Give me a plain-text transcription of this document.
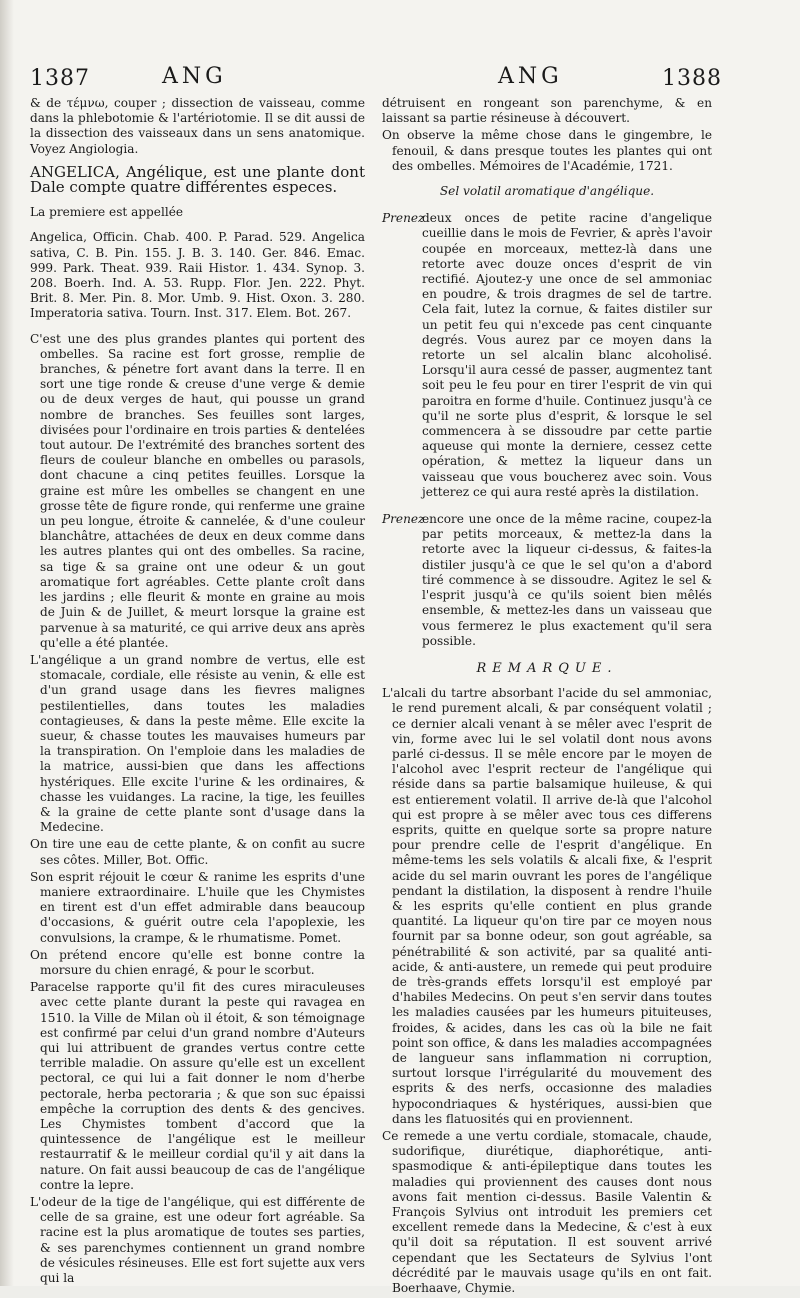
1387	ANG	ANG	1388

& de τέμνω, couper ; dissection de vaisseau, comme dans la phlebotomie & l'artériotomie. Il se dit aussi de la dissection des vaisseaux dans un sens anatomique. Voyez Angiologia.

ANGELICA, Angélique, est une plante dont Dale compte quatre différentes especes.

La premiere est appellée

Angelica, Officin. Chab. 400. P. Parad. 529. Angelica sativa, C. B. Pin. 155. J. B. 3. 140. Ger. 846. Emac. 999. Park. Theat. 939. Raii Histor. 1. 434. Synop. 3. 208. Boerh. Ind. A. 53. Rupp. Flor. Jen. 222. Phyt. Brit. 8. Mer. Pin. 8. Mor. Umb. 9. Hist. Oxon. 3. 280. Imperatoria sativa. Tourn. Inst. 317. Elem. Bot. 267.

C'est une des plus grandes plantes qui portent des ombelles. Sa racine est fort grosse, remplie de branches, & pénetre fort avant dans la terre. Il en sort une tige ronde & creuse d'une verge & demie ou de deux verges de haut, qui pousse un grand nombre de branches. Ses feuilles sont larges, divisées pour l'ordinaire en trois parties & dentelées tout autour. De l'extrémité des branches sortent des fleurs de couleur blanche en ombelles ou parasols, dont chacune a cinq petites feuilles. Lorsque la graine est mûre les ombelles se changent en une grosse tête de figure ronde, qui renferme une graine un peu longue, étroite & cannelée, & d'une couleur blanchâtre, attachées de deux en deux comme dans les autres plantes qui ont des ombelles. Sa racine, sa tige & sa graine ont une odeur & un gout aromatique fort agréables. Cette plante croît dans les jardins ; elle fleurit & monte en graine au mois de Juin & de Juillet, & meurt lorsque la graine est parvenue à sa maturité, ce qui arrive deux ans après qu'elle a été plantée.

L'angélique a un grand nombre de vertus, elle est stomacale, cordiale, elle résiste au venin, & elle est d'un grand usage dans les fievres malignes pestilentielles, dans toutes les maladies contagieuses, & dans la peste même. Elle excite la sueur, & chasse toutes les mauvaises humeurs par la transpiration. On l'emploie dans les maladies de la matrice, aussi-bien que dans les affections hystériques. Elle excite l'urine & les ordinaires, & chasse les vuidanges. La racine, la tige, les feuilles & la graine de cette plante sont d'usage dans la Medecine.

On tire une eau de cette plante, & on confit au sucre ses côtes. Miller, Bot. Offic.

Son esprit réjouit le cœur & ranime les esprits d'une maniere extraordinaire. L'huile que les Chymistes en tirent est d'un effet admirable dans beaucoup d'occasions, & guérit outre cela l'apoplexie, les convulsions, la crampe, & le rhumatisme. Pomet.

On prétend encore qu'elle est bonne contre la morsure du chien enragé, & pour le scorbut.

Paracelse rapporte qu'il fit des cures miraculeuses avec cette plante durant la peste qui ravagea en 1510. la Ville de Milan où il étoit, & son témoignage est confirmé par celui d'un grand nombre d'Auteurs qui lui attribuent de grandes vertus contre cette terrible maladie. On assure qu'elle est un excellent pectoral, ce qui lui a fait donner le nom d'herbe pectorale, herba pectoraria ; & que son suc épaissi empêche la corruption des dents & des gencives. Les Chymistes tombent d'accord que la quintessence de l'angélique est le meilleur restaurratif & le meilleur cordial qu'il y ait dans la nature. On fait aussi beaucoup de cas de l'angélique contre la lepre.

L'odeur de la tige de l'angélique, qui est différente de celle de sa graine, est une odeur fort agréable. Sa racine est la plus aromatique de toutes ses parties, & ses parenchymes contiennent un grand nombre de vésicules résineuses. Elle est fort sujette aux vers qui la

détruisent en rongeant son parenchyme, & en laissant sa partie résineuse à découvert.

On observe la même chose dans le gingembre, le fenouil, & dans presque toutes les plantes qui ont des ombelles. Mémoires de l'Académie, 1721.

Sel volatil aromatique d'angélique.

Prenez
deux onces de petite racine d'angelique cueillie dans le mois de Fevrier, & après l'avoir coupée en morceaux, mettez-là dans une retorte avec douze onces d'esprit de vin rectifié. Ajoutez-y une once de sel ammoniac en poudre, & trois dragmes de sel de tartre. Cela fait, lutez la cornue, & faites distiler sur un petit feu qui n'excede pas cent cinquante degrés. Vous aurez par ce moyen dans la retorte un sel alcalin blanc alcoholisé. Lorsqu'il aura cessé de passer, augmentez tant soit peu le feu pour en tirer l'esprit de vin qui paroitra en forme d'huile. Continuez jusqu'à ce qu'il ne sorte plus d'esprit, & lorsque le sel commencera à se dissoudre par cette partie aqueuse qui monte la derniere, cessez cette opération, & mettez la liqueur dans un vaisseau que vous boucherez avec soin. Vous jetterez ce qui aura resté après la distilation.
Prenez
encore une once de la même racine, coupez-la par petits morceaux, & mettez-la dans la retorte avec la liqueur ci-dessus, & faites-la distiler jusqu'à ce que le sel qu'on a d'abord tiré commence à se dissoudre. Agitez le sel & l'esprit jusqu'à ce qu'ils soient bien mêlés ensemble, & mettez-les dans un vaisseau que vous fermerez le plus exactement qu'il sera possible.

REMARQUE.

L'alcali du tartre absorbant l'acide du sel ammoniac, le rend purement alcali, & par conséquent volatil ; ce dernier alcali venant à se mêler avec l'esprit de vin, forme avec lui le sel volatil dont nous avons parlé ci-dessus. Il se mêle encore par le moyen de l'alcohol avec l'esprit recteur de l'angélique qui réside dans sa partie balsamique huileuse, & qui est entierement volatil. Il arrive de-là que l'alcohol qui est propre à se mêler avec tous ces differens esprits, quitte en quelque sorte sa propre nature pour prendre celle de l'esprit d'angélique. En même-tems les sels volatils & alcali fixe, & l'esprit acide du sel marin ouvrant les pores de l'angélique pendant la distilation, la disposent à rendre l'huile & les esprits qu'elle contient en plus grande quantité. La liqueur qu'on tire par ce moyen nous fournit par sa bonne odeur, son gout agréable, sa pénétrabilité & son activité, par sa qualité anti-acide, & anti-austere, un remede qui peut produire de très-grands effets lorsqu'il est employé par d'habiles Medecins. On peut s'en servir dans toutes les maladies causées par les humeurs pituiteuses, froides, & acides, dans les cas où la bile ne fait point son office, & dans les maladies accompagnées de langueur sans inflammation ni corruption, surtout lorsque l'irrégularité du mouvement des esprits & des nerfs, occasionne des maladies hypocondriaques & hystériques, aussi-bien que dans les flatuosités qui en proviennent.

Ce remede a une vertu cordiale, stomacale, chaude, sudorifique, diurétique, diaphorétique, anti-spasmodique & anti-épileptique dans toutes les maladies qui proviennent des causes dont nous avons fait mention ci-dessus. Basile Valentin & François Sylvius ont introduit les premiers cet excellent remede dans la Medecine, & c'est à eux qu'il doit sa réputation. Il est souvent arrivé cependant que les Sectateurs de Sylvius l'ont décrédité par le mauvais usage qu'ils en ont fait. Boerhaave, Chymie.
